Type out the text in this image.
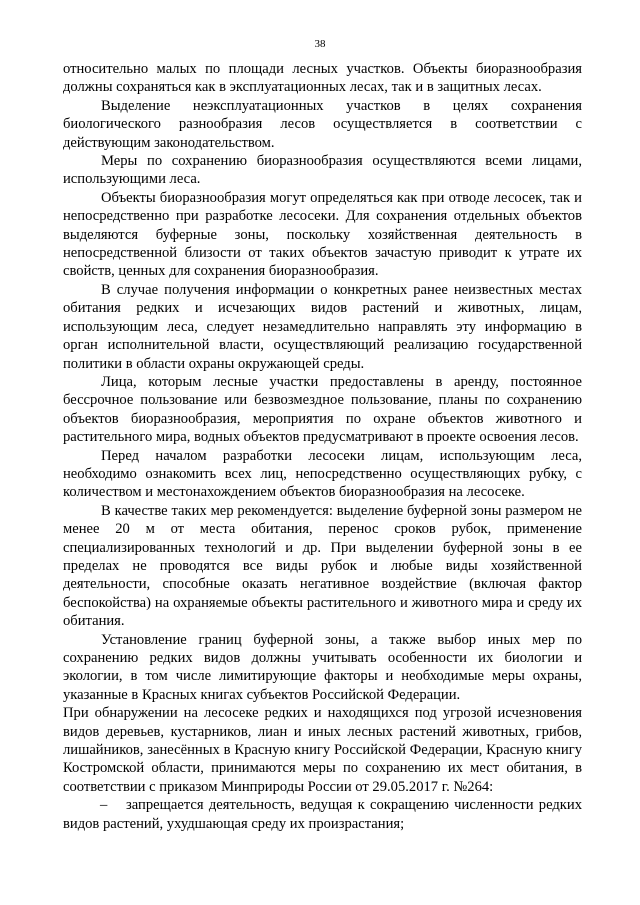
38

относительно малых по площади лесных участков. Объекты биоразнообразия должны сохраняться как в эксплуатационных лесах, так и в защитных лесах.

Выделение неэксплуатационных участков в целях сохранения биологического разнообразия лесов осуществляется в соответствии с действующим законодательством.

Меры по сохранению биоразнообразия осуществляются всеми лицами, использующими леса.

Объекты биоразнообразия могут определяться как при отводе лесосек, так и непосредственно при разработке лесосеки. Для сохранения отдельных объектов выделяются буферные зоны, поскольку хозяйственная деятельность в непосредственной близости от таких объектов зачастую приводит к утрате их свойств, ценных для сохранения биоразнообразия.

В случае получения информации о конкретных ранее неизвестных местах обитания редких и исчезающих видов растений и животных, лицам, использующим леса, следует незамедлительно направлять эту информацию в орган исполнительной власти, осуществляющий реализацию государственной политики в области охраны окружающей среды.

Лица, которым лесные участки предоставлены в аренду, постоянное бессрочное пользование или безвозмездное пользование, планы по сохранению объектов биоразнообразия, мероприятия по охране объектов животного и растительного мира, водных объектов предусматривают в проекте освоения лесов.

Перед началом разработки лесосеки лицам, использующим леса, необходимо ознакомить всех лиц, непосредственно осуществляющих рубку, с количеством и местонахождением объектов биоразнообразия на лесосеке.

В качестве таких мер рекомендуется: выделение буферной зоны размером не менее 20 м от места обитания, перенос сроков рубок, применение специализированных технологий и др. При выделении буферной зоны в ее пределах не проводятся все виды рубок и любые виды хозяйственной деятельности, способные оказать негативное воздействие (включая фактор беспокойства) на охраняемые объекты растительного и животного мира и среду их обитания.

Установление границ буферной зоны, а также выбор иных мер по сохранению редких видов должны учитывать особенности их биологии и экологии, в том числе лимитирующие факторы и необходимые меры охраны, указанные в Красных книгах субъектов Российской Федерации.

При обнаружении на лесосеке редких и находящихся под угрозой исчезновения видов деревьев, кустарников, лиан и иных лесных растений животных, грибов, лишайников, занесённых в Красную книгу Российской Федерации, Красную книгу Костромской области, принимаются меры по сохранению их мест обитания, в соответствии с приказом Минприроды России от 29.05.2017 г. №264:

– запрещается деятельность, ведущая к сокращению численности редких видов растений, ухудшающая среду их произрастания;
